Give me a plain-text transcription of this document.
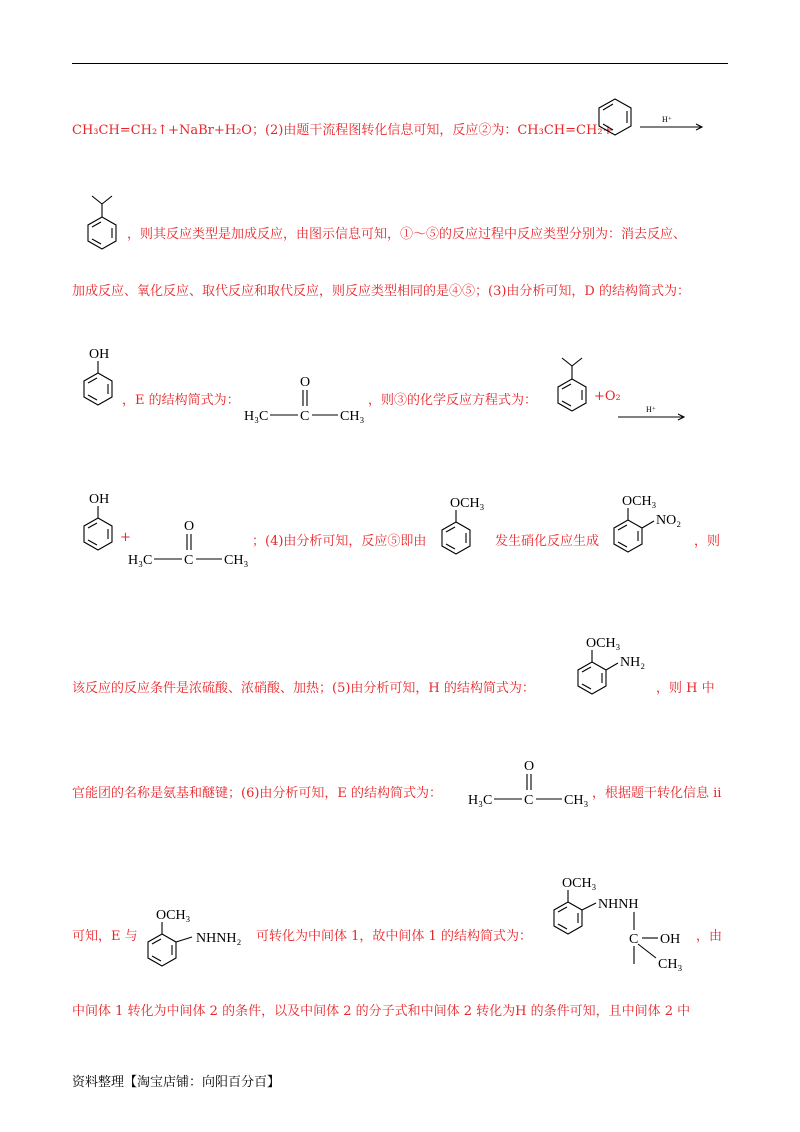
CH₃CH=CH₂↑+NaBr+H₂O；(2)由题干流程图转化信息可知，反应②为：CH₃CH=CH₂+
H⁺
，则其反应类型是加成反应，由图示信息可知，①～⑤的反应过程中反应类型分别为：消去反应、
加成反应、氧化反应、取代反应和取代反应，则反应类型相同的是④⑤；(3)由分析可知，D 的结构简式为：
OH
，E 的结构简式为：
O
H₃C C CH₃
，则③的化学反应方程式为：	+O₂
H⁺
OH
+
O
H₃C C CH₃
；(4)由分析可知，反应⑤即由
OCH₃
发生硝化反应生成
OCH₃
NO₂
，则
该反应的反应条件是浓硫酸、浓硝酸、加热；(5)由分析可知，H 的结构简式为：
OCH₃
NH₂
，则 H 中
官能团的名称是氨基和醚键；(6)由分析可知，E 的结构简式为：
O
H₃C C CH₃ ，根据题干转化信息 ii
可知，E 与
OCH₃
NHNH₂ 可转化为中间体 1，故中间体 1 的结构简式为：
OCH₃
NHNH
C OH
CH₃
，由
中间体 1 转化为中间体 2 的条件，以及中间体 2 的分子式和中间体 2 转化为H 的条件可知，且中间体 2 中
资料整理【淘宝店铺：向阳百分百】
